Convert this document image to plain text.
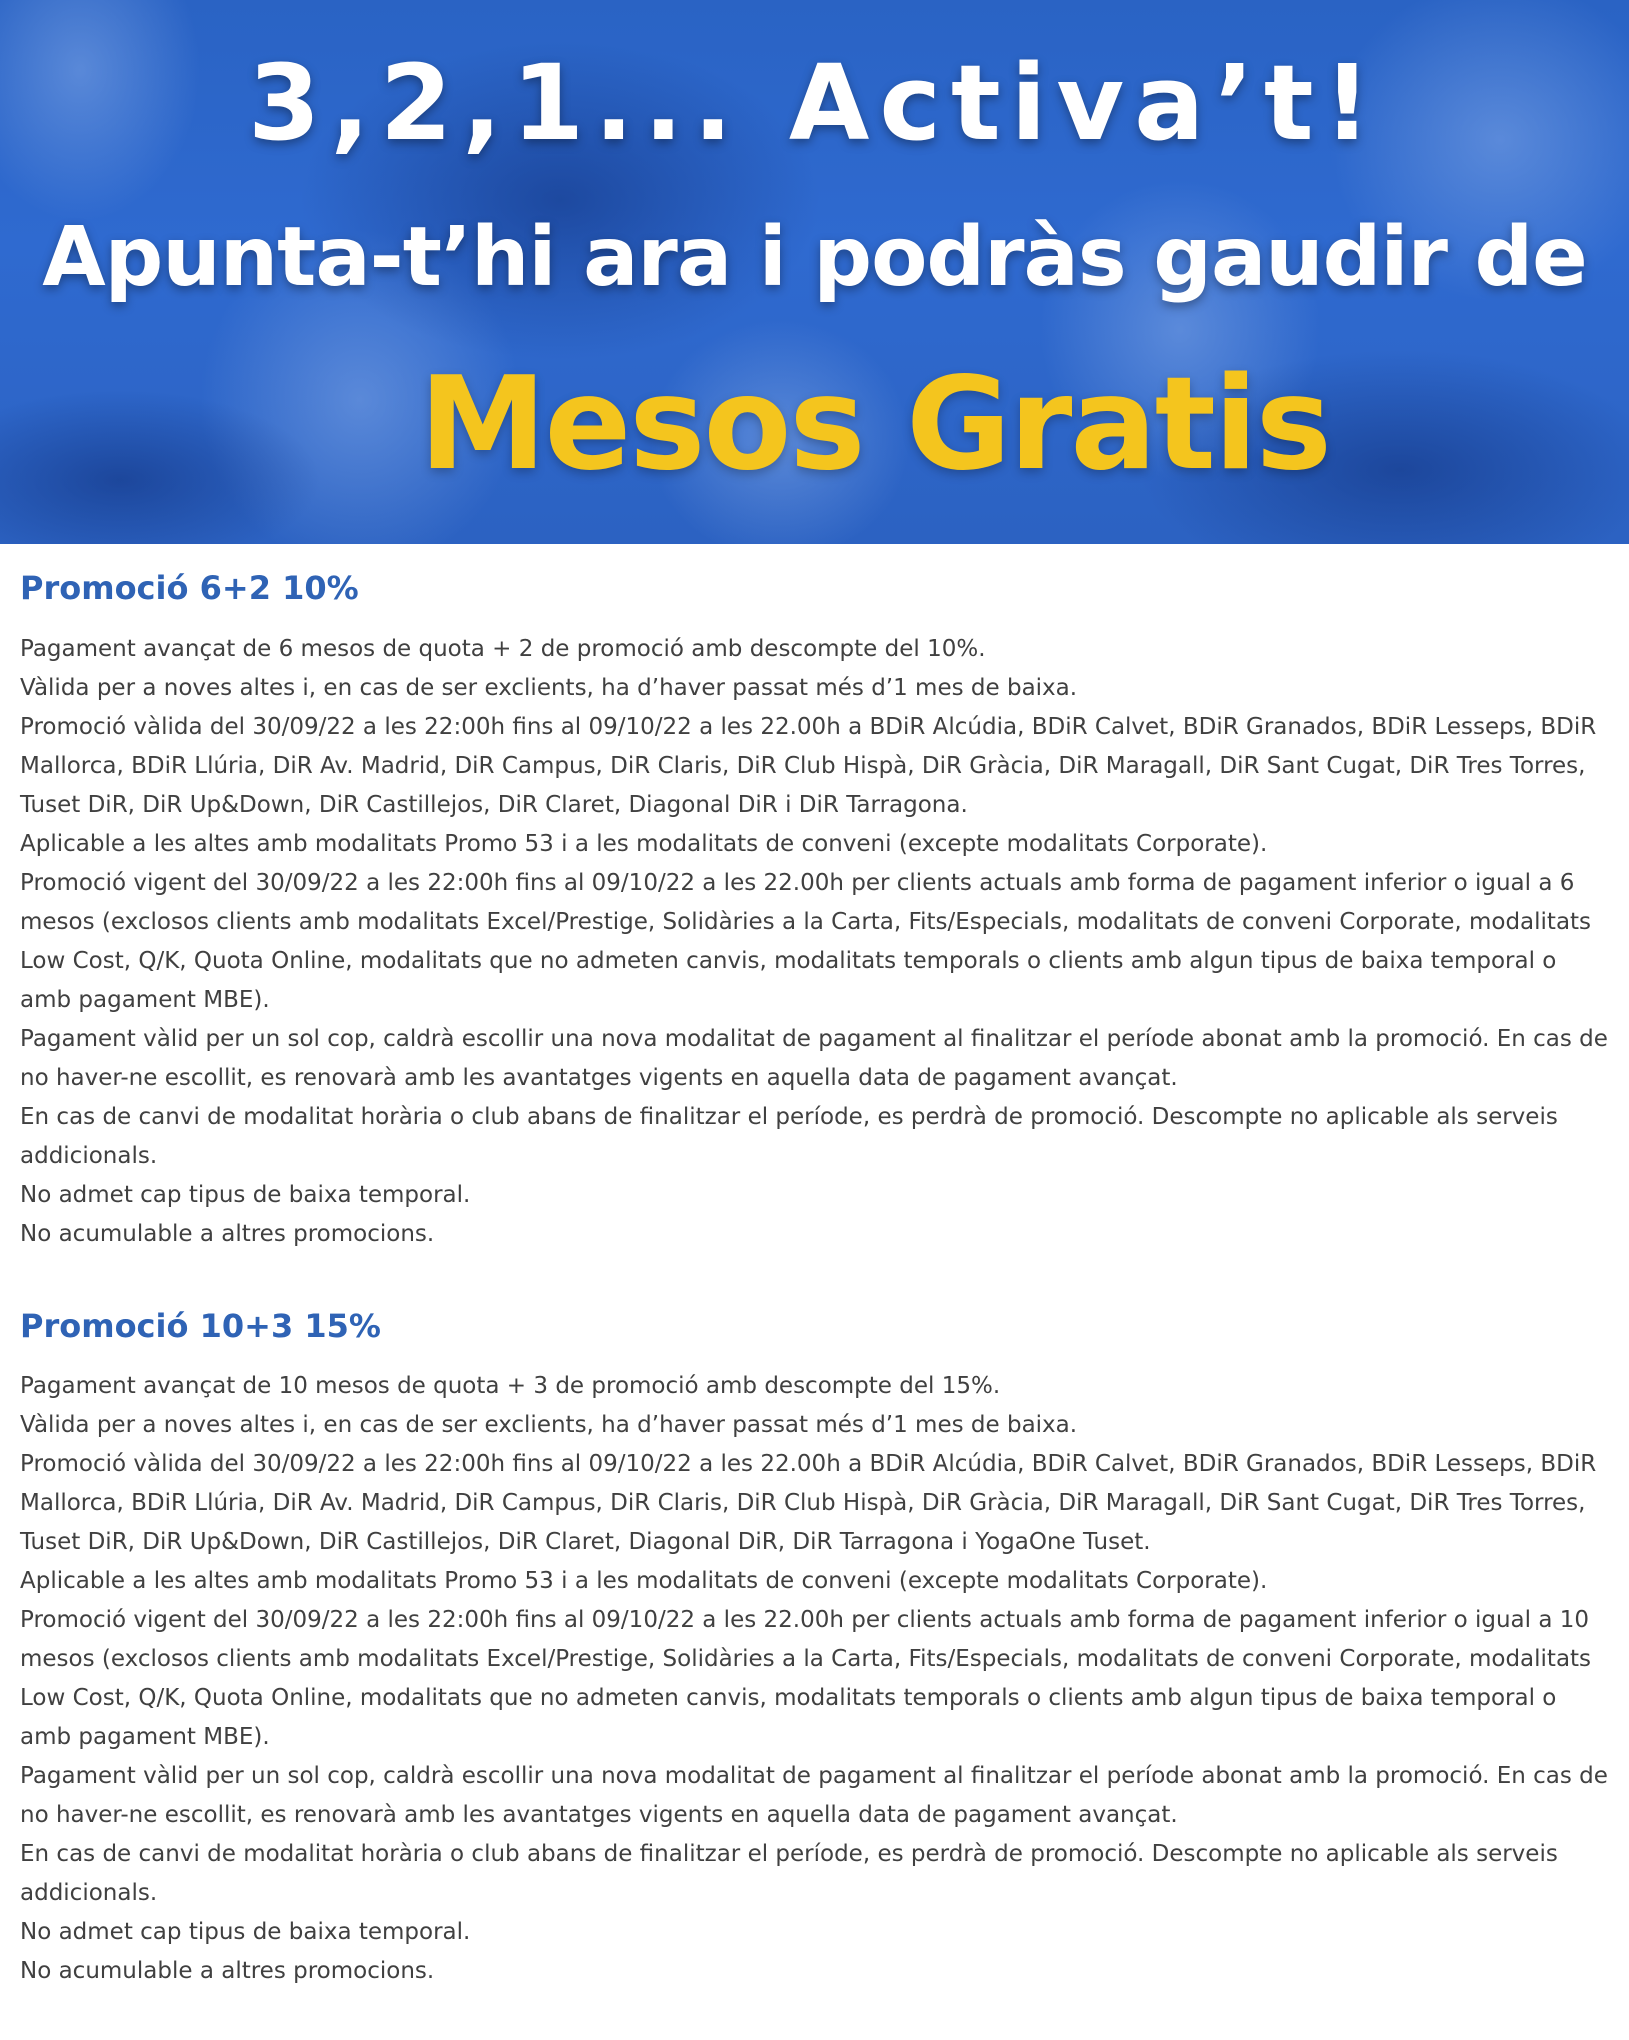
3,2,1... Activa’t!
Apunta-t’hi ara i podràs gaudir de
Mesos Gratis
Promoció 6+2 10%
Pagament avançat de 6 mesos de quota + 2 de promoció amb descompte del 10%.
Vàlida per a noves altes i, en cas de ser exclients, ha d’haver passat més d’1 mes de baixa.
Promoció vàlida del 30/09/22 a les 22:00h fins al 09/10/22 a les 22.00h a BDiR Alcúdia, BDiR Calvet, BDiR Granados, BDiR Lesseps, BDiR Mallorca, BDiR Llúria, DiR Av. Madrid, DiR Campus, DiR Claris, DiR Club Hispà, DiR Gràcia, DiR Maragall, DiR Sant Cugat, DiR Tres Torres, Tuset DiR, DiR Up&Down, DiR Castillejos, DiR Claret, Diagonal DiR i DiR Tarragona.
Aplicable a les altes amb modalitats Promo 53 i a les modalitats de conveni (excepte modalitats Corporate).
Promoció vigent del 30/09/22 a les 22:00h fins al 09/10/22 a les 22.00h per clients actuals amb forma de pagament inferior o igual a 6 mesos (exclosos clients amb modalitats Excel/Prestige, Solidàries a la Carta, Fits/Especials, modalitats de conveni Corporate, modalitats Low Cost, Q/K, Quota Online, modalitats que no admeten canvis, modalitats temporals o clients amb algun tipus de baixa temporal o amb pagament MBE).
Pagament vàlid per un sol cop, caldrà escollir una nova modalitat de pagament al finalitzar el període abonat amb la promoció. En cas de no haver-ne escollit, es renovarà amb les avantatges vigents en aquella data de pagament avançat.
En cas de canvi de modalitat horària o club abans de finalitzar el període, es perdrà de promoció. Descompte no aplicable als serveis addicionals.
No admet cap tipus de baixa temporal.
No acumulable a altres promocions.
Promoció 10+3 15%
Pagament avançat de 10 mesos de quota + 3 de promoció amb descompte del 15%.
Vàlida per a noves altes i, en cas de ser exclients, ha d’haver passat més d’1 mes de baixa.
Promoció vàlida del 30/09/22 a les 22:00h fins al 09/10/22 a les 22.00h a BDiR Alcúdia, BDiR Calvet, BDiR Granados, BDiR Lesseps, BDiR Mallorca, BDiR Llúria, DiR Av. Madrid, DiR Campus, DiR Claris, DiR Club Hispà, DiR Gràcia, DiR Maragall, DiR Sant Cugat, DiR Tres Torres, Tuset DiR, DiR Up&Down, DiR Castillejos, DiR Claret, Diagonal DiR, DiR Tarragona i YogaOne Tuset.
Aplicable a les altes amb modalitats Promo 53 i a les modalitats de conveni (excepte modalitats Corporate).
Promoció vigent del 30/09/22 a les 22:00h fins al 09/10/22 a les 22.00h per clients actuals amb forma de pagament inferior o igual a 10 mesos (exclosos clients amb modalitats Excel/Prestige, Solidàries a la Carta, Fits/Especials, modalitats de conveni Corporate, modalitats Low Cost, Q/K, Quota Online, modalitats que no admeten canvis, modalitats temporals o clients amb algun tipus de baixa temporal o amb pagament MBE).
Pagament vàlid per un sol cop, caldrà escollir una nova modalitat de pagament al finalitzar el període abonat amb la promoció. En cas de no haver-ne escollit, es renovarà amb les avantatges vigents en aquella data de pagament avançat.
En cas de canvi de modalitat horària o club abans de finalitzar el període, es perdrà de promoció. Descompte no aplicable als serveis addicionals.
No admet cap tipus de baixa temporal.
No acumulable a altres promocions.
